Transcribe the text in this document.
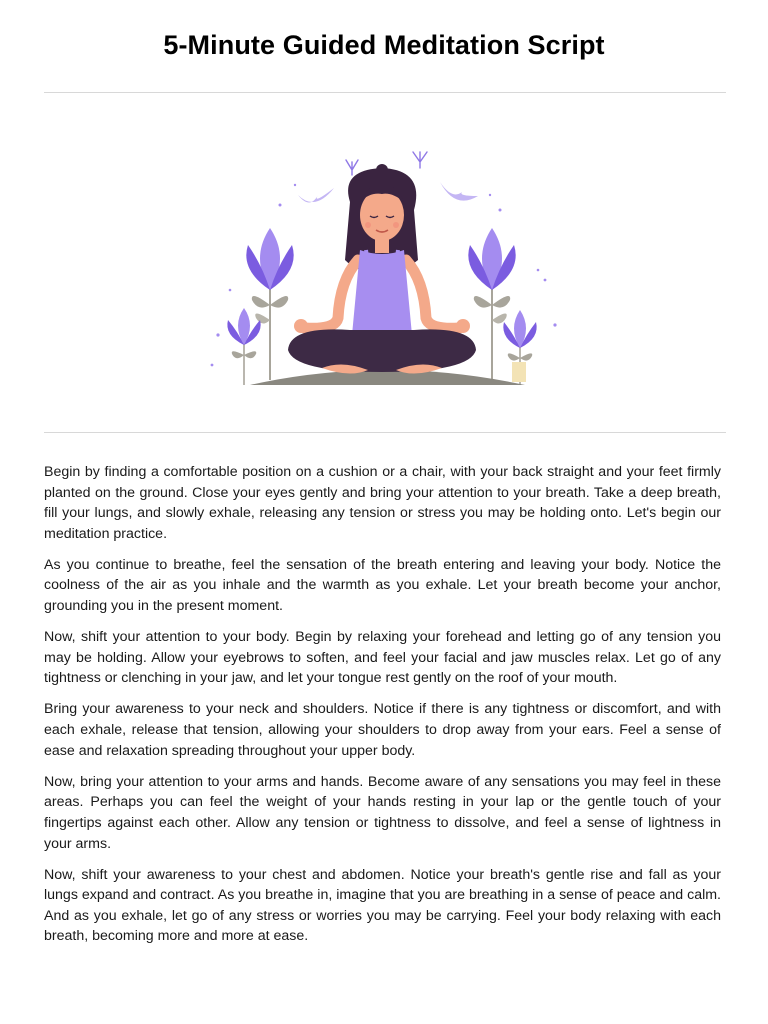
5-Minute Guided Meditation Script

Begin by finding a comfortable position on a cushion or a chair, with your back straight and your feet firmly planted on the ground. Close your eyes gently and bring your attention to your breath. Take a deep breath, fill your lungs, and slowly exhale, releasing any tension or stress you may be holding onto. Let's begin our meditation practice.

As you continue to breathe, feel the sensation of the breath entering and leaving your body. Notice the coolness of the air as you inhale and the warmth as you exhale. Let your breath become your anchor, grounding you in the present moment.

Now, shift your attention to your body. Begin by relaxing your forehead and letting go of any tension you may be holding. Allow your eyebrows to soften, and feel your facial and jaw muscles relax. Let go of any tightness or clenching in your jaw, and let your tongue rest gently on the roof of your mouth.

Bring your awareness to your neck and shoulders. Notice if there is any tightness or discomfort, and with each exhale, release that tension, allowing your shoulders to drop away from your ears. Feel a sense of ease and relaxation spreading throughout your upper body.

Now, bring your attention to your arms and hands. Become aware of any sensations you may feel in these areas. Perhaps you can feel the weight of your hands resting in your lap or the gentle touch of your fingertips against each other. Allow any tension or tightness to dissolve, and feel a sense of lightness in your arms.

Now, shift your awareness to your chest and abdomen. Notice your breath's gentle rise and fall as your lungs expand and contract. As you breathe in, imagine that you are breathing in a sense of peace and calm. And as you exhale, let go of any stress or worries you may be carrying. Feel your body relaxing with each breath, becoming more and more at ease.
